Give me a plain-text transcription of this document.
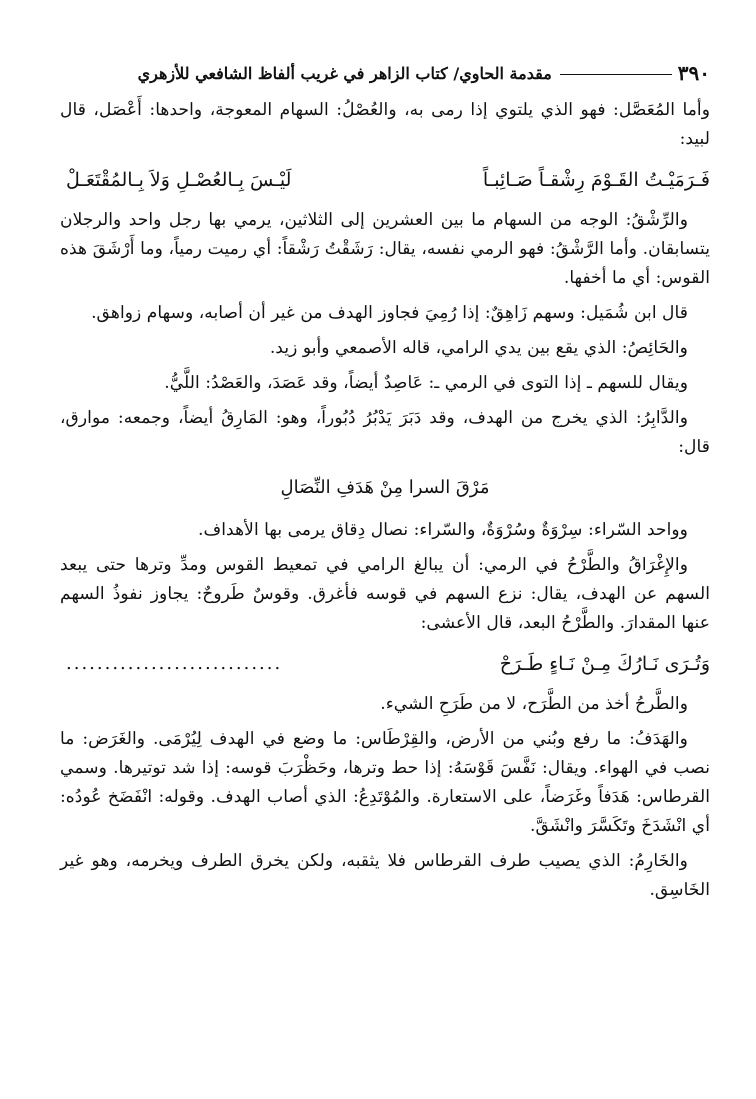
٣٩٠
مقدمة الحاوي/ كتاب الزاهر في غريب ألفاظ الشافعي للأزهري

وأما المُعَصَّل: فهو الذي يلتوي إذا رمى به، والعُصْلُ: السهام المعوجة، واحدها: أَعْصَل، قال لبيد:

فَـرَمَيْـتُ القَـوْمَ رِشْقـاً صَـائِبـاً
لَيْـسَ بِـالعُصْـلِ وَلاَ بِـالمُقْتَعَـلْ

والرِّشْقُ: الوجه من السهام ما بين العشرين إلى الثلاثين، يرمي بها رجل واحد والرجلان يتسابقان. وأما الرَّشْقُ: فهو الرمي نفسه، يقال: رَشَقْتُ رَشْقاً: أي رميت رمياً، وما أَرْشَقَ هذه القوس: أي ما أخفها.

قال ابن شُمَيل: وسهم زَاهِقٌ: إذا رُمِيَ فجاوز الهدف من غير أن أصابه، وسهام زواهق.

والحَائِصُ: الذي يقع بين يدي الرامي، قاله الأصمعي وأبو زيد.

ويقال للسهم ـ إذا التوى في الرمي ـ: عَاصِدٌ أيضاً، وقد عَصَدَ، والعَصْدُ: اللَّيُّ.

والدَّابِرُ: الذي يخرج من الهدف، وقد دَبَرَ يَدْبُرُ دُبُوراً، وهو: المَارِقُ أيضاً، وجمعه: موارق، قال:

مَرْقَ السرا مِنْ هَدَفِ النِّصَالِ

وواحد السّراء: سِرْوَةٌ وسُرْوَةٌ، والسّراء: نصال دِقاق يرمى بها الأهداف.

والإِغْرَاقُ والطَّرْحُ في الرمي: أن يبالغ الرامي في تمعيط القوس ومدِّ وترها حتى يبعد السهم عن الهدف، يقال: نزع السهم في قوسه فأغرق. وقوسٌ طَروحٌ: يجاوز نفوذُ السهم عنها المقدارَ. والطَّرْحُ البعد، قال الأعشى:

وَتُـرَى نَـارُكَ مِـنْ نَـاءٍ طَـرَحْ
............................

والطَّرحُ أخذ من الطَّرَح، لا من طَرَحِ الشيء.

والهَدَفُ: ما رفع وبُني من الأرض، والقِرْطَاس: ما وضع في الهدف لِيُرْمَى. والغَرَض: ما نصب في الهواء. ويقال: نَفَّسَ قَوْسَهُ: إذا حط وترها، وحَظْرَبَ قوسه: إذا شد توتيرها. وسمي القرطاس: هَدَفاً وغَرَضاً، على الاستعارة. والمُوْتَدِعُ: الذي أصاب الهدف. وقوله: انْفَضَخ عُودُه: أي انْشَدَخَ وتَكَسَّرَ وانْشَقَّ.

والخَارِمُ: الذي يصيب طرف القرطاس فلا يثقبه، ولكن يخرق الطرف ويخرمه، وهو غير الخَاسِق.
